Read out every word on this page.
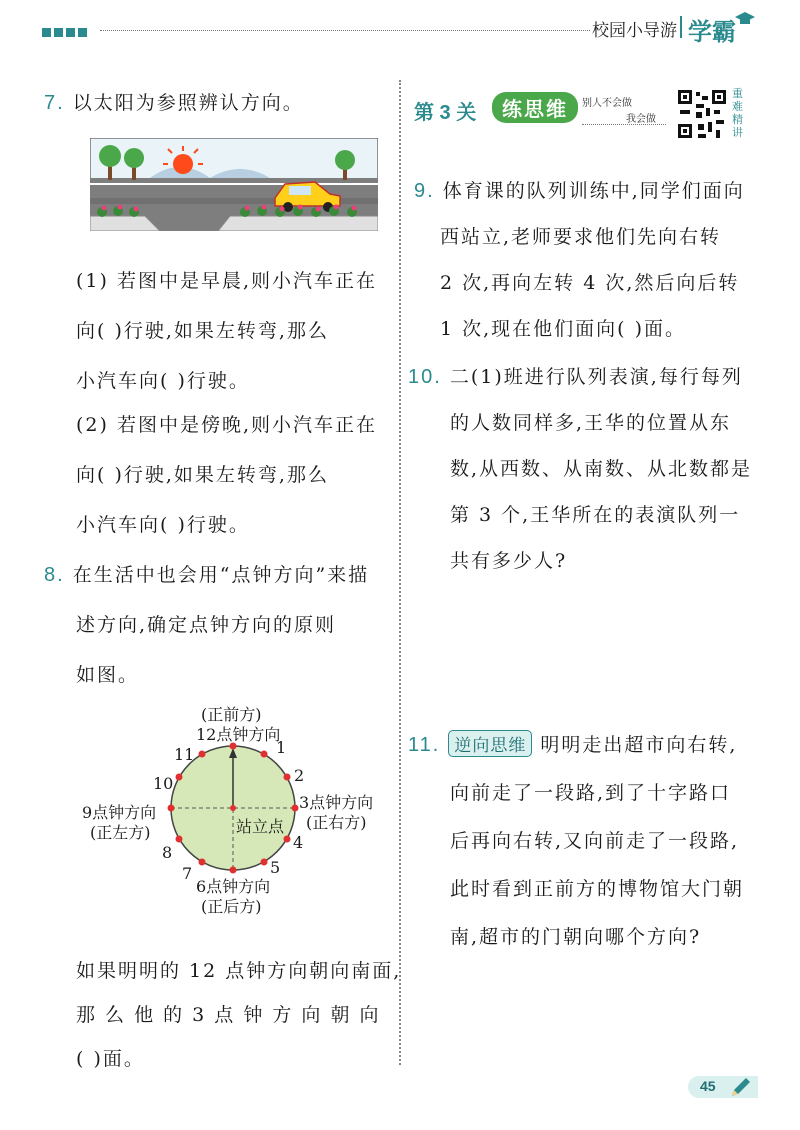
校园小导游 学霸
7. 以太阳为参照辨认方向。
(1) 若图中是早晨,则小汽车正在
向( )行驶,如果左转弯,那么
小汽车向( )行驶。
(2) 若图中是傍晚,则小汽车正在
向( )行驶,如果左转弯,那么
小汽车向( )行驶。
8. 在生活中也会用“点钟方向”来描
述方向,确定点钟方向的原则
如图。
(正前方)
12点钟方向
11	1
10	2
9点钟方向
(正左方)
3点钟方向
(正右方)
站立点
4
8
5
7
6点钟方向
(正后方)
如果明明的 12 点钟方向朝向南面,
那 么 他 的 3 点 钟 方 向 朝 向
( )面。
第 3 关	练思维	别人不会做
我会做
重难精讲
9. 体育课的队列训练中,同学们面向
西站立,老师要求他们先向右转
2 次,再向左转 4 次,然后向后转
1 次,现在他们面向( )面。
10. 二(1)班进行队列表演,每行每列
的人数同样多,王华的位置从东
数,从西数、从南数、从北数都是
第 3 个,王华所在的表演队列一
共有多少人?
11. 逆向思维 明明走出超市向右转,
向前走了一段路,到了十字路口
后再向右转,又向前走了一段路,
此时看到正前方的博物馆大门朝
南,超市的门朝向哪个方向?
45
